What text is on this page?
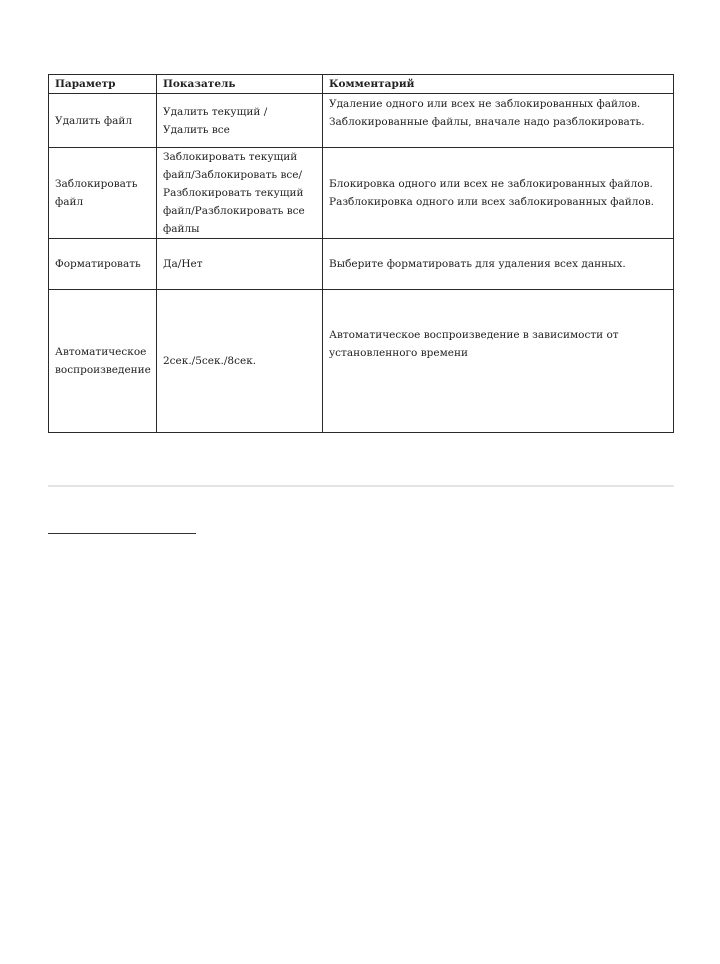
Параметр	Показатель	Комментарий
Удалить файл	Удалить текущий / Удалить все	Удаление одного или всех не заблокированных файлов. Заблокированные файлы, вначале надо разблокировать.
Заблокировать файл	Заблокировать текущий файл/Заблокировать все/ Разблокировать текущий файл/Разблокировать все файлы	Блокировка одного или всех не заблокированных файлов. Разблокировка одного или всех заблокированных файлов.
Форматировать	Да/Нет	Выберите форматировать для удаления всех данных.
Автоматическое воспроизведение	2сек./5сек./8сек.	Автоматическое воспроизведение в зависимости от установленного времени
